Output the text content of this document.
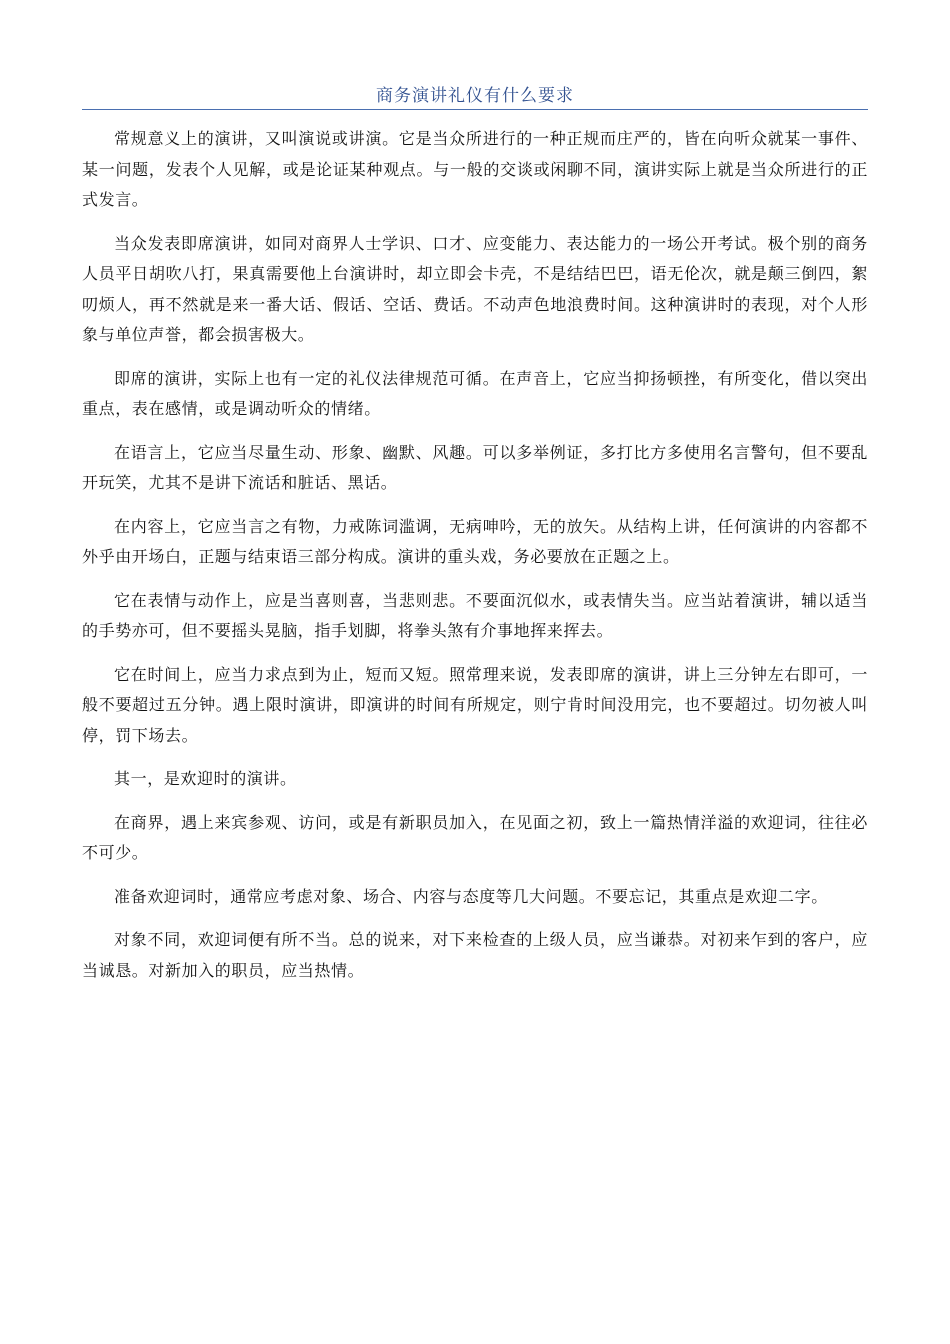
商务演讲礼仪有什么要求

常规意义上的演讲，又叫演说或讲演。它是当众所进行的一种正规而庄严的，皆在向听众就某一事件、某一问题，发表个人见解，或是论证某种观点。与一般的交谈或闲聊不同，演讲实际上就是当众所进行的正式发言。

当众发表即席演讲，如同对商界人士学识、口才、应变能力、表达能力的一场公开考试。极个别的商务人员平日胡吹八打，果真需要他上台演讲时，却立即会卡壳，不是结结巴巴，语无伦次，就是颠三倒四，絮叨烦人，再不然就是来一番大话、假话、空话、费话。不动声色地浪费时间。这种演讲时的表现，对个人形象与单位声誉，都会损害极大。

即席的演讲，实际上也有一定的礼仪法律规范可循。在声音上，它应当抑扬顿挫，有所变化，借以突出重点，表在感情，或是调动听众的情绪。

在语言上，它应当尽量生动、形象、幽默、风趣。可以多举例证，多打比方多使用名言警句，但不要乱开玩笑，尤其不是讲下流话和脏话、黑话。

在内容上，它应当言之有物，力戒陈词滥调，无病呻吟，无的放矢。从结构上讲，任何演讲的内容都不外乎由开场白，正题与结束语三部分构成。演讲的重头戏，务必要放在正题之上。

它在表情与动作上，应是当喜则喜，当悲则悲。不要面沉似水，或表情失当。应当站着演讲，辅以适当的手势亦可，但不要摇头晃脑，指手划脚，将拳头煞有介事地挥来挥去。

它在时间上，应当力求点到为止，短而又短。照常理来说，发表即席的演讲，讲上三分钟左右即可，一般不要超过五分钟。遇上限时演讲，即演讲的时间有所规定，则宁肯时间没用完，也不要超过。切勿被人叫停，罚下场去。

其一，是欢迎时的演讲。

在商界，遇上来宾参观、访问，或是有新职员加入，在见面之初，致上一篇热情洋溢的欢迎词，往往必不可少。

准备欢迎词时，通常应考虑对象、场合、内容与态度等几大问题。不要忘记，其重点是欢迎二字。

对象不同，欢迎词便有所不当。总的说来，对下来检查的上级人员，应当谦恭。对初来乍到的客户，应当诚恳。对新加入的职员，应当热情。
